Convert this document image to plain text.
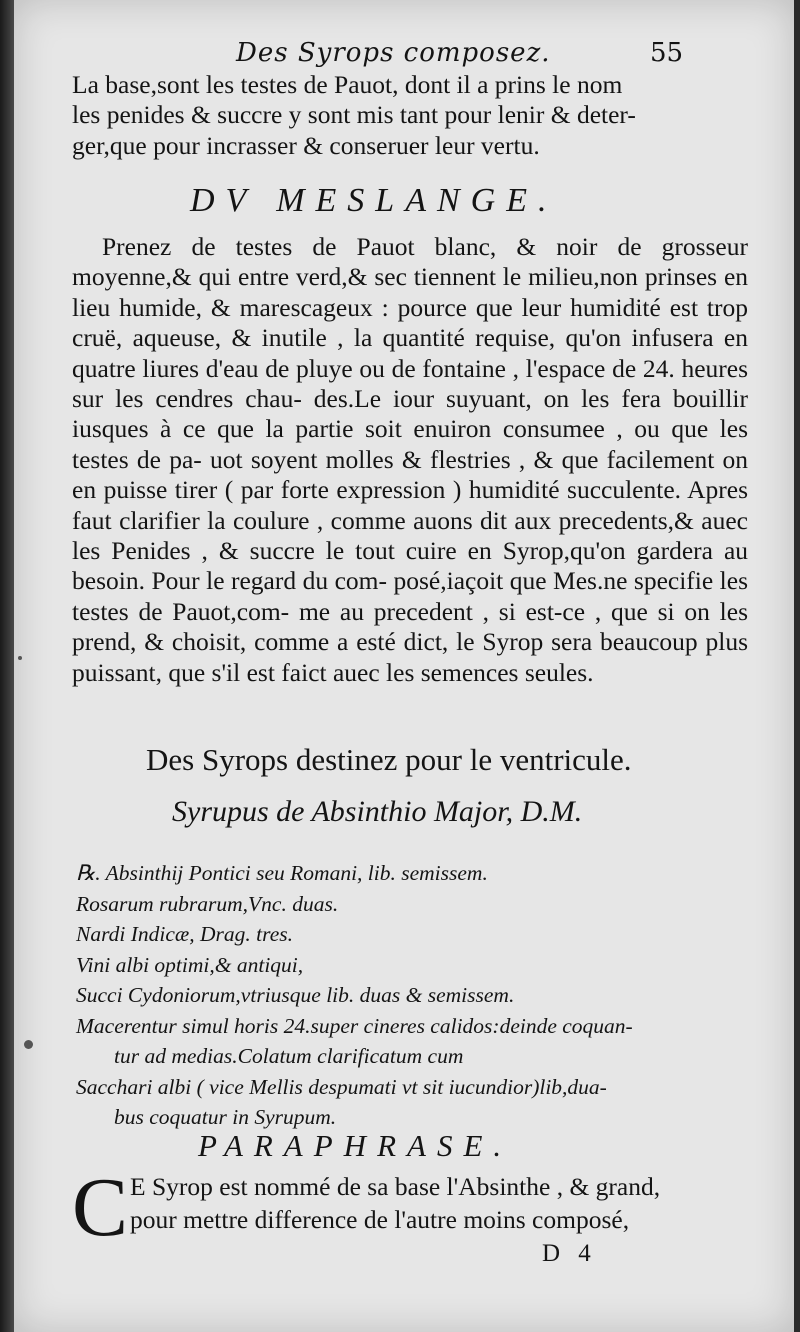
Des Syrops composez.	55

La base,sont les testes de Pauot, dont il a prins le nom

les penides & succre y sont mis tant pour lenir & deter-

ger,que pour incrasser & conseruer leur vertu.

DV MESLANGE.

Prenez de testes de Pauot blanc, & noir de grosseur moyenne,& qui entre verd,& sec tiennent le milieu,non prinses en lieu humide, & marescageux : pource que leur humidité est trop cruë, aqueuse, & inutile , la quantité requise, qu'on infusera en quatre liures d'eau de pluye ou de fontaine , l'espace de 24. heures sur les cendres chau- des.Le iour suyuant, on les fera bouillir iusques à ce que la partie soit enuiron consumee , ou que les testes de pa- uot soyent molles & flestries , & que facilement on en puisse tirer ( par forte expression ) humidité succulente. Apres faut clarifier la coulure , comme auons dit aux precedents,& auec les Penides , & succre le tout cuire en Syrop,qu'on gardera au besoin. Pour le regard du com- posé,iaçoit que Mes.ne specifie les testes de Pauot,com- me au precedent , si est-ce , que si on les prend, & choisit, comme a esté dict, le Syrop sera beaucoup plus puissant, que s'il est faict auec les semences seules.

Des Syrops destinez pour le ventricule.
Syrupus de Absinthio Major, D.M.
℞. Absinthij Pontici seu Romani, lib. semissem.
Rosarum rubrarum,Vnc. duas.
Nardi Indicæ, Drag. tres.
Vini albi optimi,& antiqui,
Succi Cydoniorum,vtriusque lib. duas & semissem.
Macerentur simul horis 24.super cineres calidos:deinde coquan-
tur ad medias.Colatum clarificatum cum
Sacchari albi ( vice Mellis despumati vt sit iucundior)lib,dua-
bus coquatur in Syrupum.
PARAPHRASE.
C E Syrop est nommé de sa base l'Absinthe , & grand,

pour mettre difference de l'autre moins composé,

D 4
